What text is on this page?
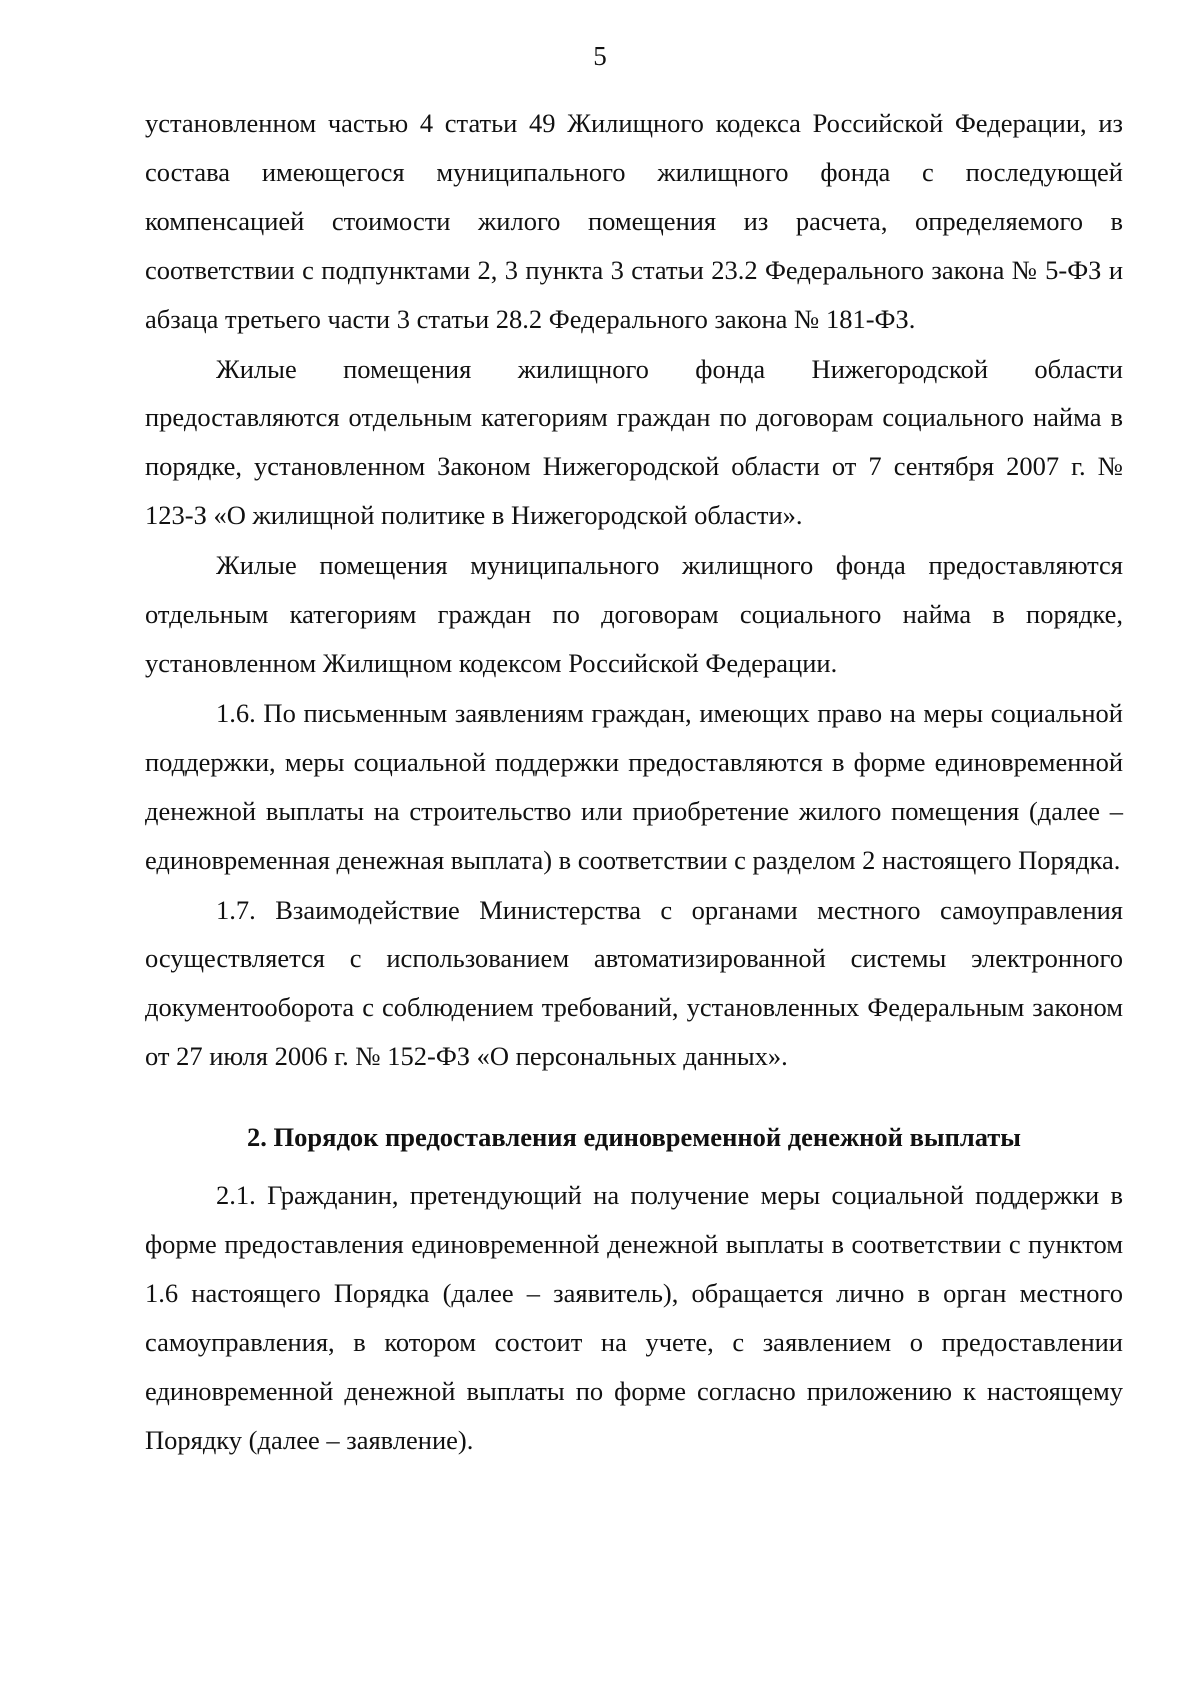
5

установленном частью 4 статьи 49 Жилищного кодекса Российской Федерации, из состава имеющегося муниципального жилищного фонда с последующей компенсацией стоимости жилого помещения из расчета, определяемого в соответствии с подпунктами 2, 3 пункта 3 статьи 23.2 Федерального закона № 5-ФЗ и абзаца третьего части 3 статьи 28.2 Федерального закона № 181-ФЗ.

Жилые помещения жилищного фонда Нижегородской области предоставляются отдельным категориям граждан по договорам социального найма в порядке, установленном Законом Нижегородской области от 7 сентября 2007 г. № 123-З «О жилищной политике в Нижегородской области».

Жилые помещения муниципального жилищного фонда предоставляются отдельным категориям граждан по договорам социального найма в порядке, установленном Жилищном кодексом Российской Федерации.

1.6. По письменным заявлениям граждан, имеющих право на меры социальной поддержки, меры социальной поддержки предоставляются в форме единовременной денежной выплаты на строительство или приобретение жилого помещения (далее – единовременная денежная выплата) в соответствии с разделом 2 настоящего Порядка.

1.7. Взаимодействие Министерства с органами местного самоуправления осуществляется с использованием автоматизированной системы электронного документооборота с соблюдением требований, установленных Федеральным законом от 27 июля 2006 г. № 152-ФЗ «О персональных данных».

2. Порядок предоставления единовременной денежной выплаты

2.1. Гражданин, претендующий на получение меры социальной поддержки в форме предоставления единовременной денежной выплаты в соответствии с пунктом 1.6 настоящего Порядка (далее – заявитель), обращается лично в орган местного самоуправления, в котором состоит на учете, с заявлением о предоставлении единовременной денежной выплаты по форме согласно приложению к настоящему Порядку (далее – заявление).
